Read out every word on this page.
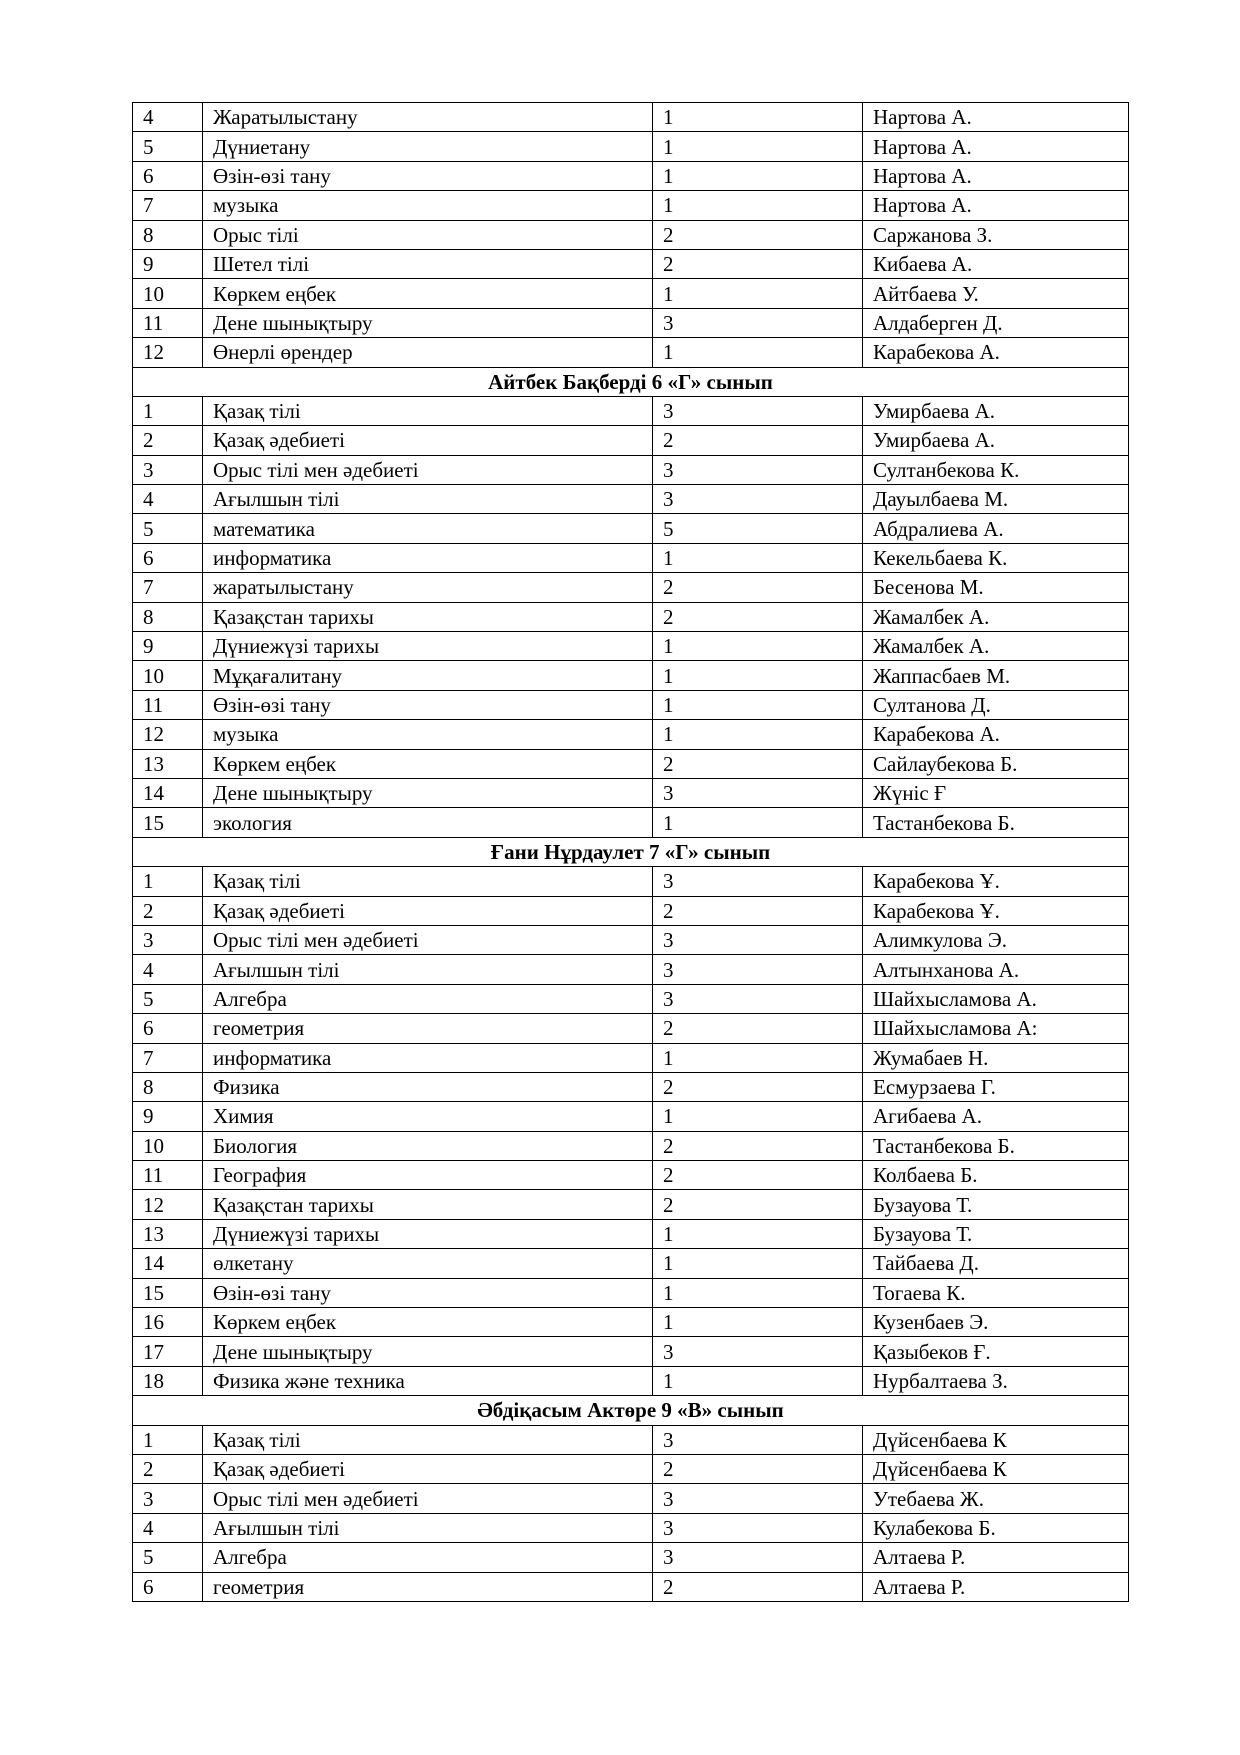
4	Жаратылыстану	1	Нартова А.
5	Дүниетану	1	Нартова А.
6	Өзін-өзі тану	1	Нартова А.
7	музыка	1	Нартова А.
8	Орыс тілі	2	Саржанова З.
9	Шетел тілі	2	Кибаева А.
10	Көркем еңбек	1	Айтбаева У.
11	Дене шынықтыру	3	Алдаберген Д.
12	Өнерлі өрендер	1	Карабекова А.
Айтбек Бақберді 6 «Г» сынып			
1	Қазақ тілі	3	Умирбаева А.
2	Қазақ әдебиеті	2	Умирбаева А.
3	Орыс тілі мен әдебиеті	3	Султанбекова К.
4	Ағылшын тілі	3	Дауылбаева М.
5	математика	5	Абдралиева А.
6	информатика	1	Кекельбаева К.
7	жаратылыстану	2	Бесенова М.
8	Қазақстан тарихы	2	Жамалбек А.
9	Дүниежүзі тарихы	1	Жамалбек А.
10	Мұқағалитану	1	Жаппасбаев М.
11	Өзін-өзі тану	1	Султанова Д.
12	музыка	1	Карабекова А.
13	Көркем еңбек	2	Сайлаубекова Б.
14	Дене шынықтыру	3	Жүніс Ғ
15	экология	1	Тастанбекова Б.
Ғани Нұрдаулет 7 «Г» сынып			
1	Қазақ тілі	3	Карабекова Ұ.
2	Қазақ әдебиеті	2	Карабекова Ұ.
3	Орыс тілі мен әдебиеті	3	Алимкулова Э.
4	Ағылшын тілі	3	Алтынханова А.
5	Алгебра	3	Шайхысламова А.
6	геометрия	2	Шайхысламова А:
7	информатика	1	Жумабаев Н.
8	Физика	2	Есмурзаева Г.
9	Химия	1	Агибаева А.
10	Биология	2	Тастанбекова Б.
11	География	2	Колбаева Б.
12	Қазақстан тарихы	2	Бузауова Т.
13	Дүниежүзі тарихы	1	Бузауова Т.
14	өлкетану	1	Тайбаева Д.
15	Өзін-өзі тану	1	Тогаева К.
16	Көркем еңбек	1	Кузенбаев Э.
17	Дене шынықтыру	3	Қазыбеков Ғ.
18	Физика және техника	1	Нурбалтаева З.
Әбдіқасым Актөре 9 «В» сынып			
1	Қазақ тілі	3	Дүйсенбаева К
2	Қазақ әдебиеті	2	Дүйсенбаева К
3	Орыс тілі мен әдебиеті	3	Утебаева Ж.
4	Ағылшын тілі	3	Кулабекова Б.
5	Алгебра	3	Алтаева Р.
6	геометрия	2	Алтаева Р.
